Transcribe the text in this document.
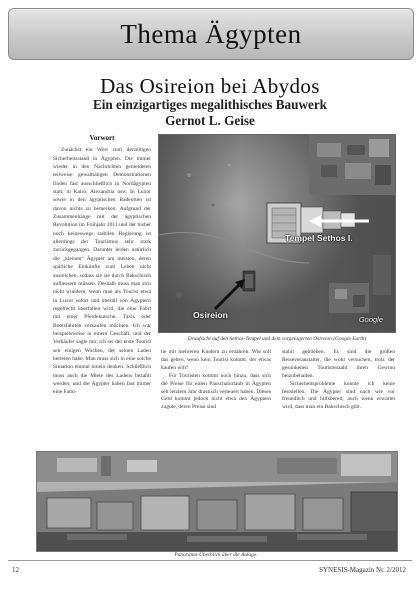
Thema Ägypten
Das Osireion bei Abydos
Ein einzigartiges megalithisches Bauwerk
Gernot L. Geise
Vorwort
Zunächst ein Wort zum derzeitigen Sicherheitsstand in Ägypten. Die immer wieder in den Nachrichten gemeldeten teilweise gewalttätigen Demonstrationen finden fast ausschließlich in Nordägypten statt, in Kairo, Alexandria usw. In Luxor sowie in den ägyptischen Badeorten ist davon nichts zu bemerken. Aufgrund der Zusammenhänge mit der ägyptischen Revolution im Frühjahr 2011 und der bisher noch keineswegs stabilen Regierung ist allerdings der Tourismus sehr stark zurückgegangen. Darunter leiden natürlich die „kleinen“ Ägypter am meisten, deren spärliche Einkünfte zum Leben nicht ausreichen, sodass sie sie durch Bakschisch aufbessern müssen. Deshalb muss man sich nicht wundern, wenn man als Tourist etwa in Luxor sofort und überall von Ägyptern regelrecht überfallen wird, die eine Fahrt mit einer Pferdekutsche, Taxis oder Bootsfahrten verkaufen möchten. Ich war beispielsweise in einem Geschäft, und der Verkäufer sagte mir, ich sei der erste Tourist seit einigen Wochen, der seinen Laden betreten habe. Man muss sich in eine solche Situation einmal hinein denken. Schließlich muss auch die Miete des Ladens bezahlt werden, und die Ägypter haben fast immer eine Fami-
Tempel Sethos I.
Osireion	Google
Draufsicht auf den Sethos-Tempel und dem vorgelagerten Osireion (Google Earth)

lie mit mehreren Kindern zu ernähren. Wie soll das gehen, wenn kein Tourist kommt, der etwas kaufen will?

Für Touristen kommt noch hinzu, dass sich die Preise für einen Pauschalurlaub in Ägypten seit letztem Jahr drastisch verteuert haben. Dieses Geld kommt jedoch nicht etwa den Ägyptern zugute, deren Preise sind

stabil geblieben. Es sind die großen Reiseveranstalter, die wohl versuchen, trotz der gesunkenen Touristenzahl ihren Gewinn beizubehalten.

Sicherheitsprobleme konnte ich keine feststellen. Die Ägypter sind nach wie vor freundlich und hilfsbereit, auch wenn erwartet wird, dass man ein Bakschisch gibt.

Panorama-Überblick über die Anlage.
12	SYNESIS-Magazin Nr. 2/2012
